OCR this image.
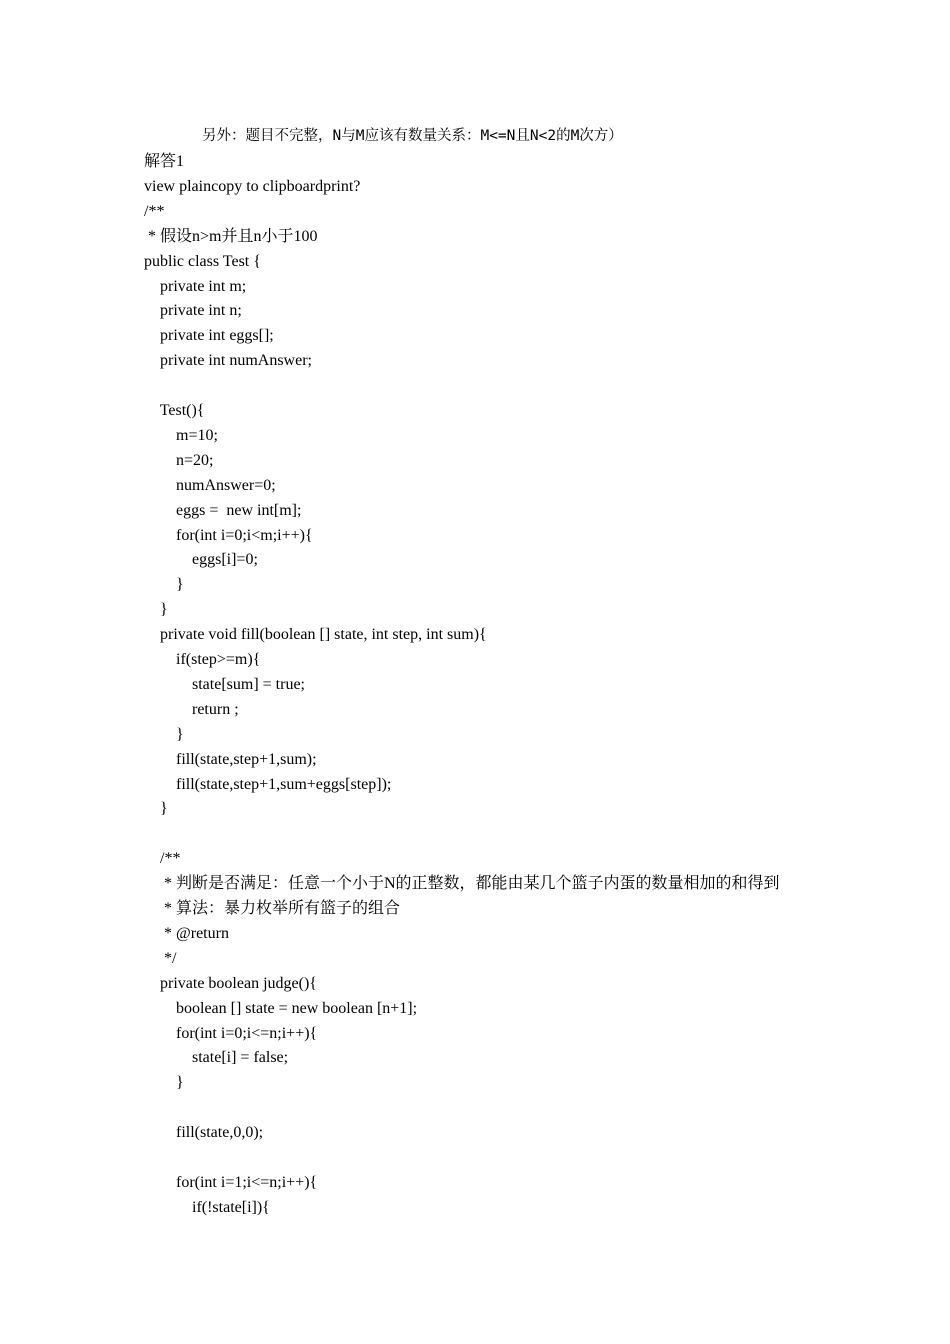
另外：题目不完整，N与M应该有数量关系：M<=N且N<2的M次方）
解答1
view plaincopy to clipboardprint?
/**
* 假设n>m并且n小于100
public class Test {
private int m;
private int n;
private int eggs[];
private int numAnswer;
Test(){
m=10;
n=20;
numAnswer=0;
eggs =  new int[m];
for(int i=0;i<m;i++){
eggs[i]=0;
}
}
private void fill(boolean [] state, int step, int sum){
if(step>=m){
state[sum] = true;
return ;
}
fill(state,step+1,sum);
fill(state,step+1,sum+eggs[step]);
}
/**
* 判断是否满足：任意一个小于N的正整数，都能由某几个篮子内蛋的数量相加的和得到
* 算法：暴力枚举所有篮子的组合
* @return
*/
private boolean judge(){
boolean [] state = new boolean [n+1];
for(int i=0;i<=n;i++){
state[i] = false;
}
fill(state,0,0);
for(int i=1;i<=n;i++){
if(!state[i]){
